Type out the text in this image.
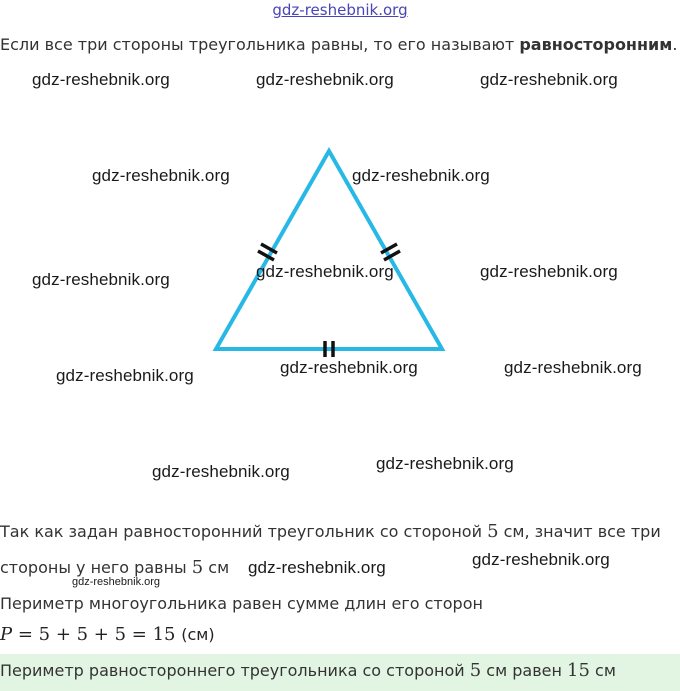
gdz-reshebnik.org
Если все три стороны треугольника равны, то его называют равносторонним.
gdz-reshebnik.org	gdz-reshebnik.org	gdz-reshebnik.org
gdz-reshebnik.org	gdz-reshebnik.org
gdz-reshebnik.org	gdz-reshebnik.org	gdz-reshebnik.org
gdz-reshebnik.org	gdz-reshebnik.org	gdz-reshebnik.org
gdz-reshebnik.org	gdz-reshebnik.org
gdz-reshebnik.org
gdz-reshebnik.org
gdz-reshebnik.org
Так как задан равносторонний треугольник со стороной 5 см, значит все три
стороны у него равны 5 см
Периметр многоугольника равен сумме длин его сторон
P = 5 + 5 + 5 = 15 (см)
Периметр равностороннего треугольника со стороной 5 см равен 15 см
